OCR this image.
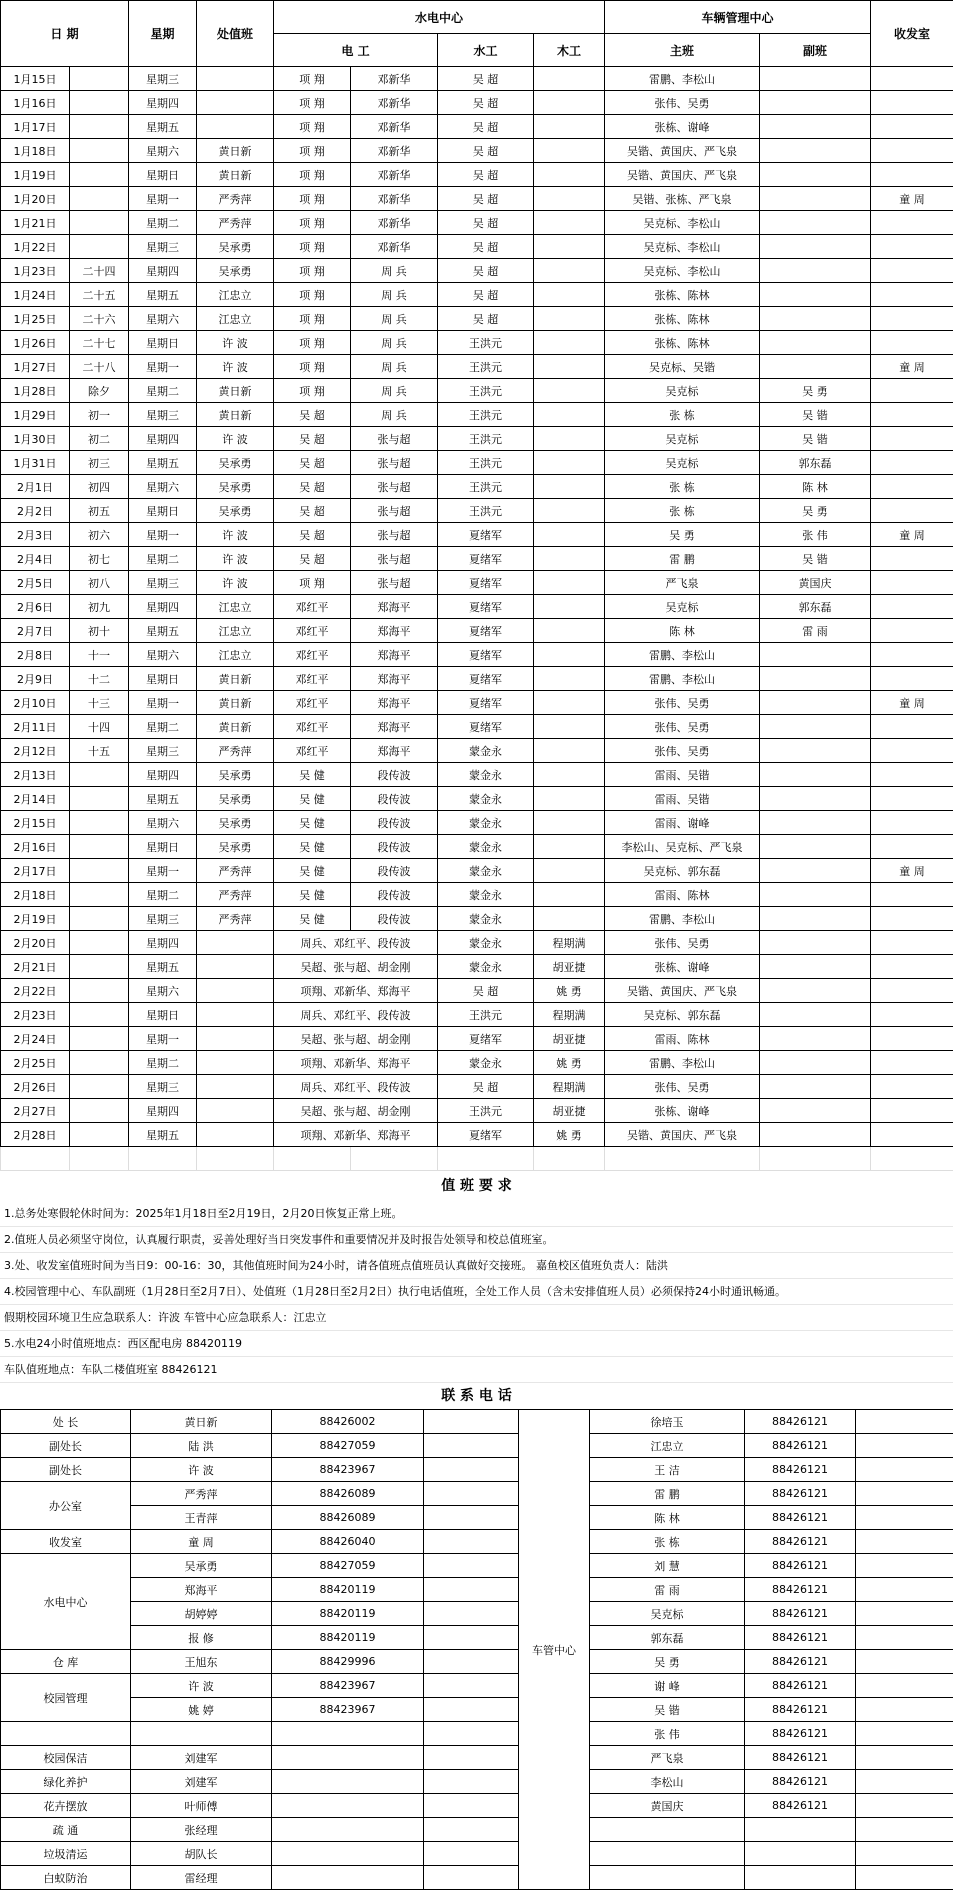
日 期		星期	处值班	水电中心				车辆管理中心		收发室
				电 工		水工	木工	主班	副班	
1月15日		星期三		项 翔	邓新华	吴 超		雷鹏、李松山		
1月16日		星期四		项 翔	邓新华	吴 超		张伟、吴勇		
1月17日		星期五		项 翔	邓新华	吴 超		张栋、谢峰		
1月18日		星期六	黄日新	项 翔	邓新华	吴 超		吴锴、黄国庆、严飞泉		
1月19日		星期日	黄日新	项 翔	邓新华	吴 超		吴锴、黄国庆、严飞泉		
1月20日		星期一	严秀萍	项 翔	邓新华	吴 超		吴锴、张栋、严飞泉		童 周
1月21日		星期二	严秀萍	项 翔	邓新华	吴 超		吴克标、李松山		
1月22日		星期三	吴承勇	项 翔	邓新华	吴 超		吴克标、李松山		
1月23日	二十四	星期四	吴承勇	项 翔	周 兵	吴 超		吴克标、李松山		
1月24日	二十五	星期五	江忠立	项 翔	周 兵	吴 超		张栋、陈林		
1月25日	二十六	星期六	江忠立	项 翔	周 兵	吴 超		张栋、陈林		
1月26日	二十七	星期日	许 波	项 翔	周 兵	王洪元		张栋、陈林		
1月27日	二十八	星期一	许 波	项 翔	周 兵	王洪元		吴克标、吴锴		童 周
1月28日	除夕	星期二	黄日新	项 翔	周 兵	王洪元		吴克标	吴 勇	
1月29日	初一	星期三	黄日新	吴 超	周 兵	王洪元		张 栋	吴 锴	
1月30日	初二	星期四	许 波	吴 超	张与超	王洪元		吴克标	吴 锴	
1月31日	初三	星期五	吴承勇	吴 超	张与超	王洪元		吴克标	郭东磊	
2月1日	初四	星期六	吴承勇	吴 超	张与超	王洪元		张 栋	陈 林	
2月2日	初五	星期日	吴承勇	吴 超	张与超	王洪元		张 栋	吴 勇	
2月3日	初六	星期一	许 波	吴 超	张与超	夏绪军		吴 勇	张 伟	童 周
2月4日	初七	星期二	许 波	吴 超	张与超	夏绪军		雷 鹏	吴 锴	
2月5日	初八	星期三	许 波	项 翔	张与超	夏绪军		严飞泉	黄国庆	
2月6日	初九	星期四	江忠立	邓红平	郑海平	夏绪军		吴克标	郭东磊	
2月7日	初十	星期五	江忠立	邓红平	郑海平	夏绪军		陈 林	雷 雨	
2月8日	十一	星期六	江忠立	邓红平	郑海平	夏绪军		雷鹏、李松山		
2月9日	十二	星期日	黄日新	邓红平	郑海平	夏绪军		雷鹏、李松山		
2月10日	十三	星期一	黄日新	邓红平	郑海平	夏绪军		张伟、吴勇		童 周
2月11日	十四	星期二	黄日新	邓红平	郑海平	夏绪军		张伟、吴勇		
2月12日	十五	星期三	严秀萍	邓红平	郑海平	蒙金永		张伟、吴勇		
2月13日		星期四	吴承勇	吴 健	段传波	蒙金永		雷雨、吴锴		
2月14日		星期五	吴承勇	吴 健	段传波	蒙金永		雷雨、吴锴		
2月15日		星期六	吴承勇	吴 健	段传波	蒙金永		雷雨、谢峰		
2月16日		星期日	吴承勇	吴 健	段传波	蒙金永		李松山、吴克标、严飞泉		
2月17日		星期一	严秀萍	吴 健	段传波	蒙金永		吴克标、郭东磊		童 周
2月18日		星期二	严秀萍	吴 健	段传波	蒙金永		雷雨、陈林		
2月19日		星期三	严秀萍	吴 健	段传波	蒙金永		雷鹏、李松山		
2月20日		星期四		周兵、邓红平、段传波		蒙金永	程期满	张伟、吴勇		
2月21日		星期五		吴超、张与超、胡金刚		蒙金永	胡亚捷	张栋、谢峰		
2月22日		星期六		项翔、邓新华、郑海平		吴 超	姚 勇	吴锴、黄国庆、严飞泉		
2月23日		星期日		周兵、邓红平、段传波		王洪元	程期满	吴克标、郭东磊		
2月24日		星期一		吴超、张与超、胡金刚		夏绪军	胡亚捷	雷雨、陈林		
2月25日		星期二		项翔、邓新华、郑海平		蒙金永	姚 勇	雷鹏、李松山		
2月26日		星期三		周兵、邓红平、段传波		吴 超	程期满	张伟、吴勇		
2月27日		星期四		吴超、张与超、胡金刚		王洪元	胡亚捷	张栋、谢峰		
2月28日		星期五		项翔、邓新华、郑海平		夏绪军	姚 勇	吴锴、黄国庆、严飞泉		

值 班 要 求
1.总务处寒假轮休时间为：2025年1月18日至2月19日，2月20日恢复正常上班。
2.值班人员必须坚守岗位，认真履行职责，妥善处理好当日突发事件和重要情况并及时报告处领导和校总值班室。
3.处、收发室值班时间为当日9：00-16：30，其他值班时间为24小时，请各值班点值班员认真做好交接班。 嘉鱼校区值班负责人：陆洪
4.校园管理中心、车队副班（1月28日至2月7日）、处值班（1月28日至2月2日）执行电话值班，全处工作人员（含未安排值班人员）必须保持24小时通讯畅通。
假期校园环境卫生应急联系人：许波 车管中心应急联系人：江忠立
5.水电24小时值班地点：西区配电房 88420119
车队值班地点：车队二楼值班室 88426121
联 系 电 话
处 长	黄日新	88426002		车管中心	徐培玉	88426121	
副处长	陆 洪	88427059			江忠立	88426121	
副处长	许 波	88423967			王 洁	88426121	
办公室	严秀萍	88426089			雷 鹏	88426121	
	王青萍	88426089			陈 林	88426121	
收发室	童 周	88426040			张 栋	88426121	
水电中心	吴承勇	88427059			刘 慧	88426121	
	郑海平	88420119			雷 雨	88426121	
	胡婷婷	88420119			吴克标	88426121	
	报 修	88420119			郭东磊	88426121	
仓 库	王旭东	88429996			吴 勇	88426121	
校园管理	许 波	88423967			谢 峰	88426121	
	姚 婷	88423967			吴 锴	88426121	
					张 伟	88426121	
校园保洁	刘建军				严飞泉	88426121	
绿化养护	刘建军				李松山	88426121	
花卉摆放	叶师傅				黄国庆	88426121	
疏 通	张经理						
垃圾清运	胡队长						
白蚁防治	雷经理						
